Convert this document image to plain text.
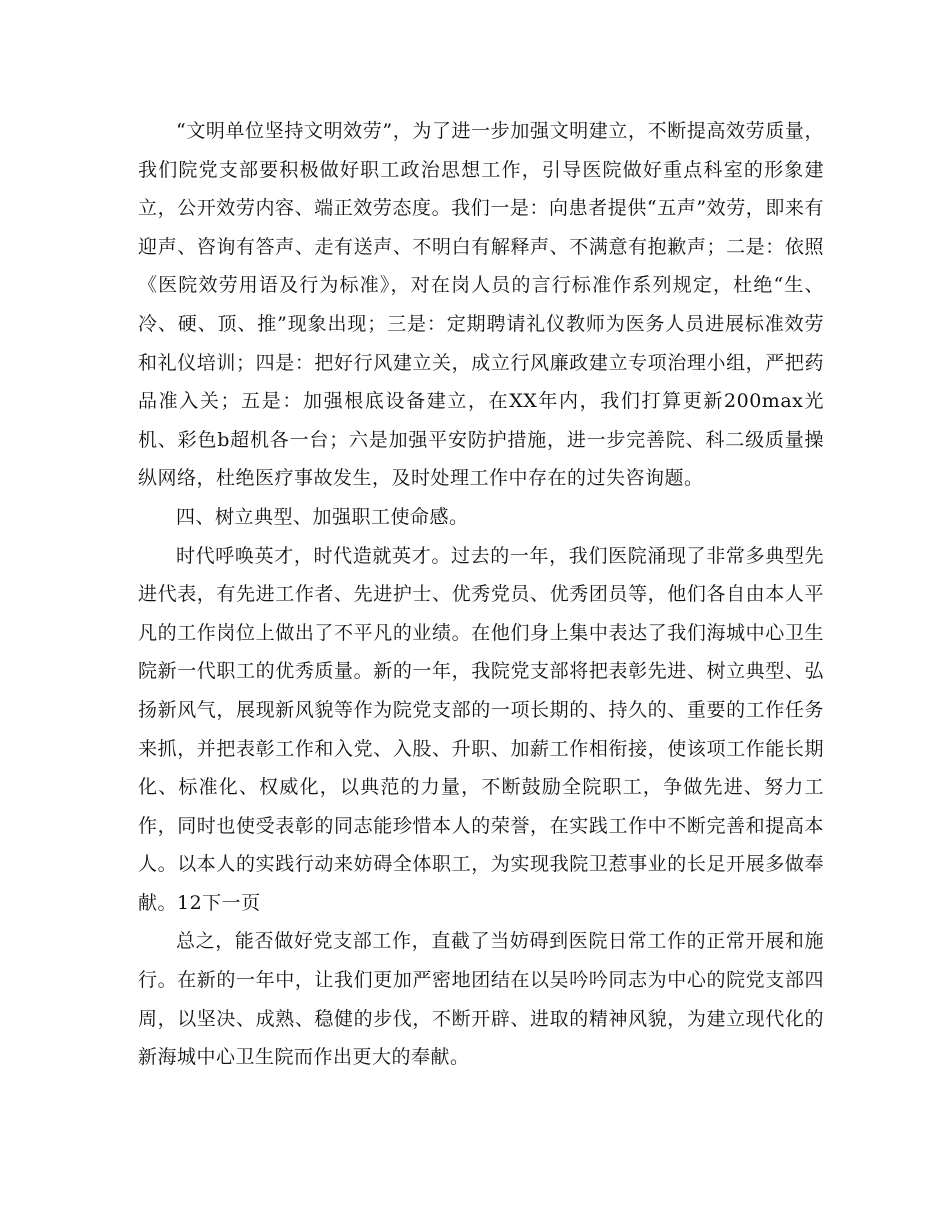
“文明单位坚持文明效劳”，为了进一步加强文明建立，不断提高效劳质量，我们院党支部要积极做好职工政治思想工作，引导医院做好重点科室的形象建立，公开效劳内容、端正效劳态度。我们一是：向患者提供“五声”效劳，即来有迎声、咨询有答声、走有送声、不明白有解释声、不满意有抱歉声；二是：依照《医院效劳用语及行为标准》，对在岗人员的言行标准作系列规定，杜绝“生、冷、硬、顶、推”现象出现；三是：定期聘请礼仪教师为医务人员进展标准效劳和礼仪培训；四是：把好行风建立关，成立行风廉政建立专项治理小组，严把药品准入关；五是：加强根底设备建立，在XX年内，我们打算更新200max光机、彩色b超机各一台；六是加强平安防护措施，进一步完善院、科二级质量操纵网络，杜绝医疗事故发生，及时处理工作中存在的过失咨询题。

四、树立典型、加强职工使命感。

时代呼唤英才，时代造就英才。过去的一年，我们医院涌现了非常多典型先进代表，有先进工作者、先进护士、优秀党员、优秀团员等，他们各自由本人平凡的工作岗位上做出了不平凡的业绩。在他们身上集中表达了我们海城中心卫生院新一代职工的优秀质量。新的一年，我院党支部将把表彰先进、树立典型、弘扬新风气，展现新风貌等作为院党支部的一项长期的、持久的、重要的工作任务来抓，并把表彰工作和入党、入股、升职、加薪工作相衔接，使该项工作能长期化、标准化、权威化，以典范的力量，不断鼓励全院职工，争做先进、努力工作，同时也使受表彰的同志能珍惜本人的荣誉，在实践工作中不断完善和提高本人。以本人的实践行动来妨碍全体职工，为实现我院卫惹事业的长足开展多做奉献。12下一页

总之，能否做好党支部工作，直截了当妨碍到医院日常工作的正常开展和施行。在新的一年中，让我们更加严密地团结在以吴吟吟同志为中心的院党支部四周，以坚决、成熟、稳健的步伐，不断开辟、进取的精神风貌，为建立现代化的新海城中心卫生院而作出更大的奉献。
